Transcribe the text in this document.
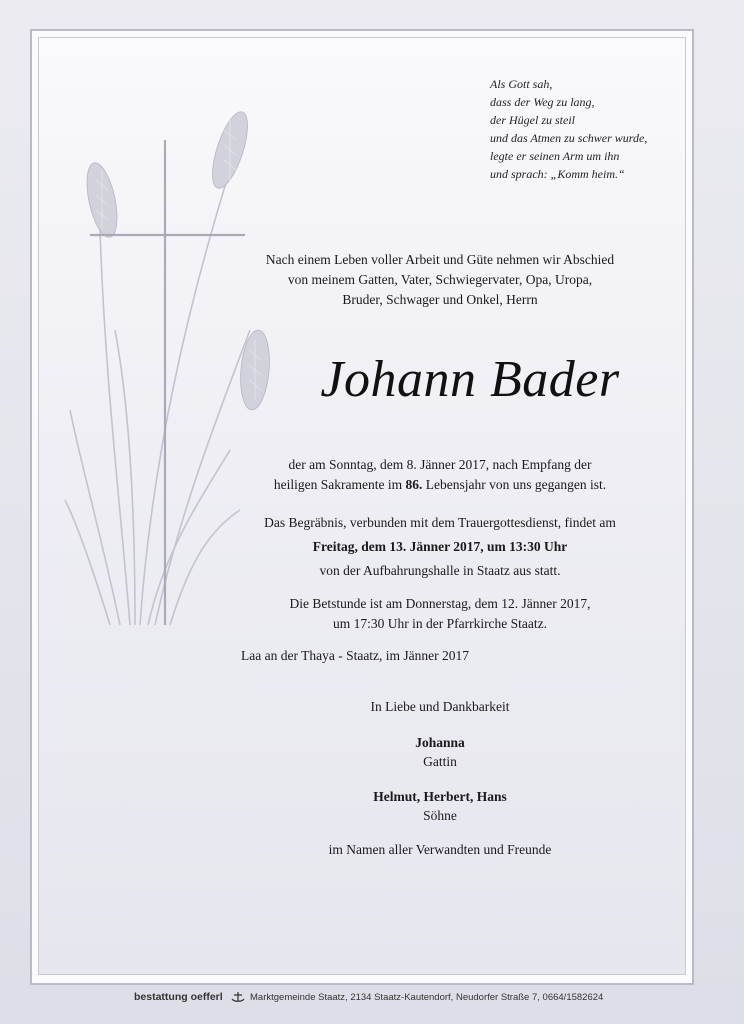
Als Gott sah,
dass der Weg zu lang,
der Hügel zu steil
und das Atmen zu schwer wurde,
legte er seinen Arm um ihn
und sprach: „Komm heim.“
Nach einem Leben voller Arbeit und Güte nehmen wir Abschied
von meinem Gatten, Vater, Schwiegervater, Opa, Uropa,
Bruder, Schwager und Onkel, Herrn
Johann Bader
der am Sonntag, dem 8. Jänner 2017, nach Empfang der
heiligen Sakramente im 86. Lebensjahr von uns gegangen ist.
Das Begräbnis, verbunden mit dem Trauergottesdienst, findet am
Freitag, dem 13. Jänner 2017, um 13:30 Uhr
von der Aufbahrungshalle in Staatz aus statt.
Die Betstunde ist am Donnerstag, dem 12. Jänner 2017,
um 17:30 Uhr in der Pfarrkirche Staatz.
Laa an der Thaya - Staatz, im Jänner 2017
In Liebe und Dankbarkeit
Johanna
Gattin
Helmut, Herbert, Hans
Söhne
im Namen aller Verwandten und Freunde
bestattung oefferl	Marktgemeinde Staatz, 2134 Staatz-Kautendorf, Neudorfer Straße 7, 0664/1582624
